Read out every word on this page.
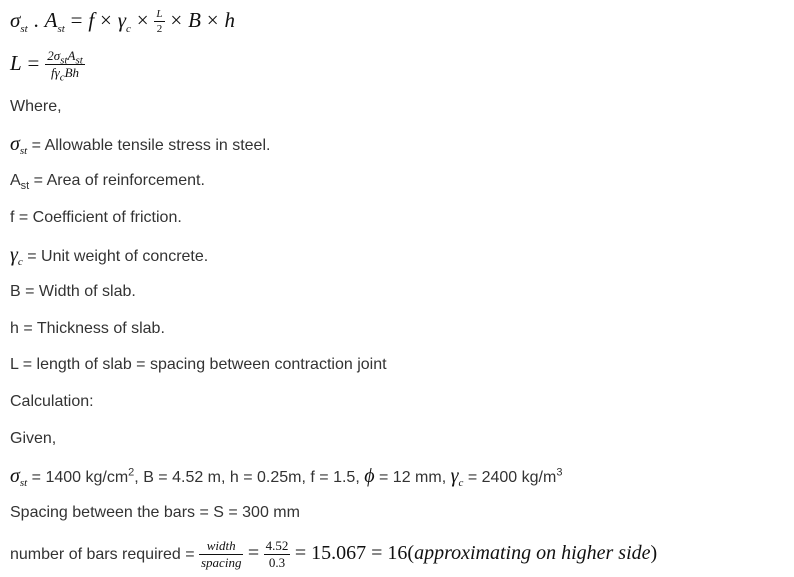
$\sigma_{st}$ . $A_{st} = f \times \gamma_c \times \frac{L}{2} \times B \times h$
$L = \frac{2\sigma_{st}A_{st}}{f\gamma_cBh}$
Where,
$\sigma_{st}$ = Allowable tensile stress in steel.
$A_{st}$ = Area of reinforcement.
f = Coefficient of friction.
$\gamma_c$ = Unit weight of concrete.
B = Width of slab.
h = Thickness of slab.
L = length of slab = spacing between contraction joint
Calculation:
Given,
$\sigma_{st} = 1400$ $kg/cm^2$, B = 4.52 m, h = 0.25m, f = 1.5, ϕ = 12 mm, $\gamma_c = 2400$ $kg/m^3$
Spacing between the bars = S = 300 mm
number of bars required = $\frac{\text{width}}{\text{spacing}} = \frac{4.52}{0.3} = 15.067$ = 16(approximating on higher side)
